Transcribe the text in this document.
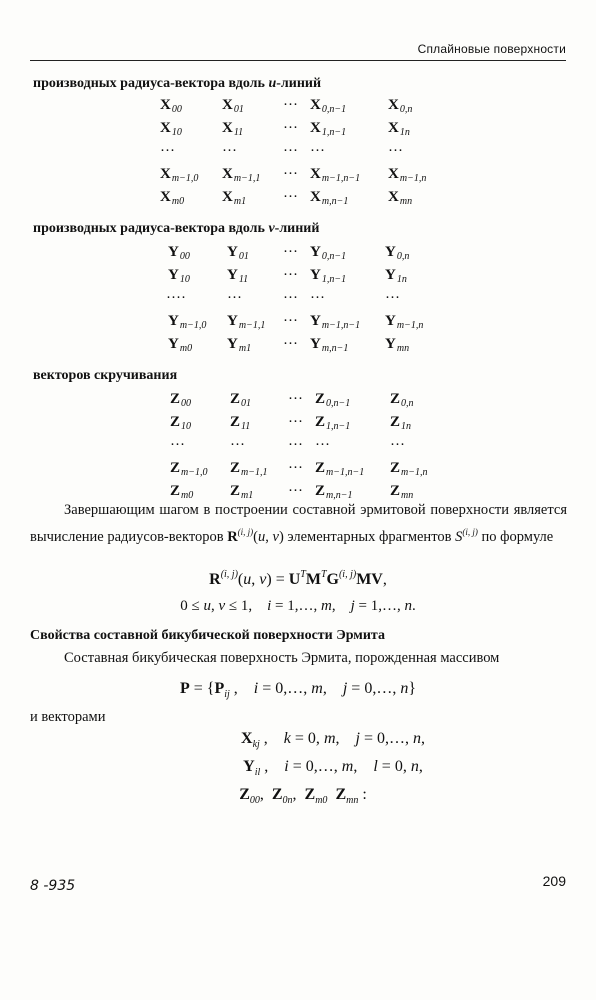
Сплайновые поверхности
производных радиуса-вектора вдоль u-линий
$X_{00}$	$X_{01}$	··· $X_{0,n-1}$	$X_{0,n}$
$X_{10}$	$X_{11}$	··· $X_{1,n-1}$	$X_{1n}$
···	···	··· ···	···
$X_{m-1,0}$ $X_{m-1,1}$ ··· $X_{m-1,n-1}$ $X_{m-1,n}$
$X_{m0}$	$X_{m1}$ ··· $X_{m,n-1}$	$X_{mn}$
производных радиуса-вектора вдоль v-линий
$Y_{00}$ $Y_{01}$ ··· $Y_{0,n-1}$	$Y_{0,n}$
$Y_{10}$ $Y_{11}$ ··· $Y_{1,n-1}$	$Y_{1n}$
····	···	··· ···	···
$Y_{m-1,0}$ $Y_{m-1,1}$ ··· $Y_{m-1,n-1}$ $Y_{m-1,n}$
$Y_{m0}$ $Y_{m1}$ ··· $Y_{m,n-1}$ $Y_{mn}$
векторов скручивания
$Z_{00}$	$Z_{01}$ ··· $Z_{0,n-1}$	$Z_{0,n}$
$Z_{10}$	$Z_{11}$	··· $Z_{1,n-1}$	$Z_{1n}$
···	···	··· ···	···
$Z_{m-1,0}$ $Z_{m-1,1}$ ··· $Z_{m-1,n-1}$ $Z_{m-1,n}$
$Z_{m0}$ $Z_{m1}$ ··· $Z_{m,n-1}$	$Z_{mn}$

Завершающим шагом в построении составной эрмитовой поверхности является вычисление радиусов-векторов R$^{(i, j)}$(u, v) элементарных фрагментов S$^{(i, j)}$ по формуле

R$^{(i, j)}$(u, $v) = U^TM^TG^{(i, j)}MV$,
0 ≤ u, v ≤ 1,    i = 1,…, m,    j = 1,…, n.
Свойства составной бикубической поверхности Эрмита

Составная бикубическая поверхность Эрмита, порожденная массивом

$P = \{P_{ij}$ ,    i = 0,…, m,    j = 0,…, n}

и векторами

$X_{kj}$ ,    k = 0, m,    j = 0,…, n,
$Y_{il}$ ,    i = 0,…, m,    l = 0, n,
$Z_{00}$,  $Z_{0n}$,  $Z_{m0}$ $Z_{mn}$ :
209
8 -935
